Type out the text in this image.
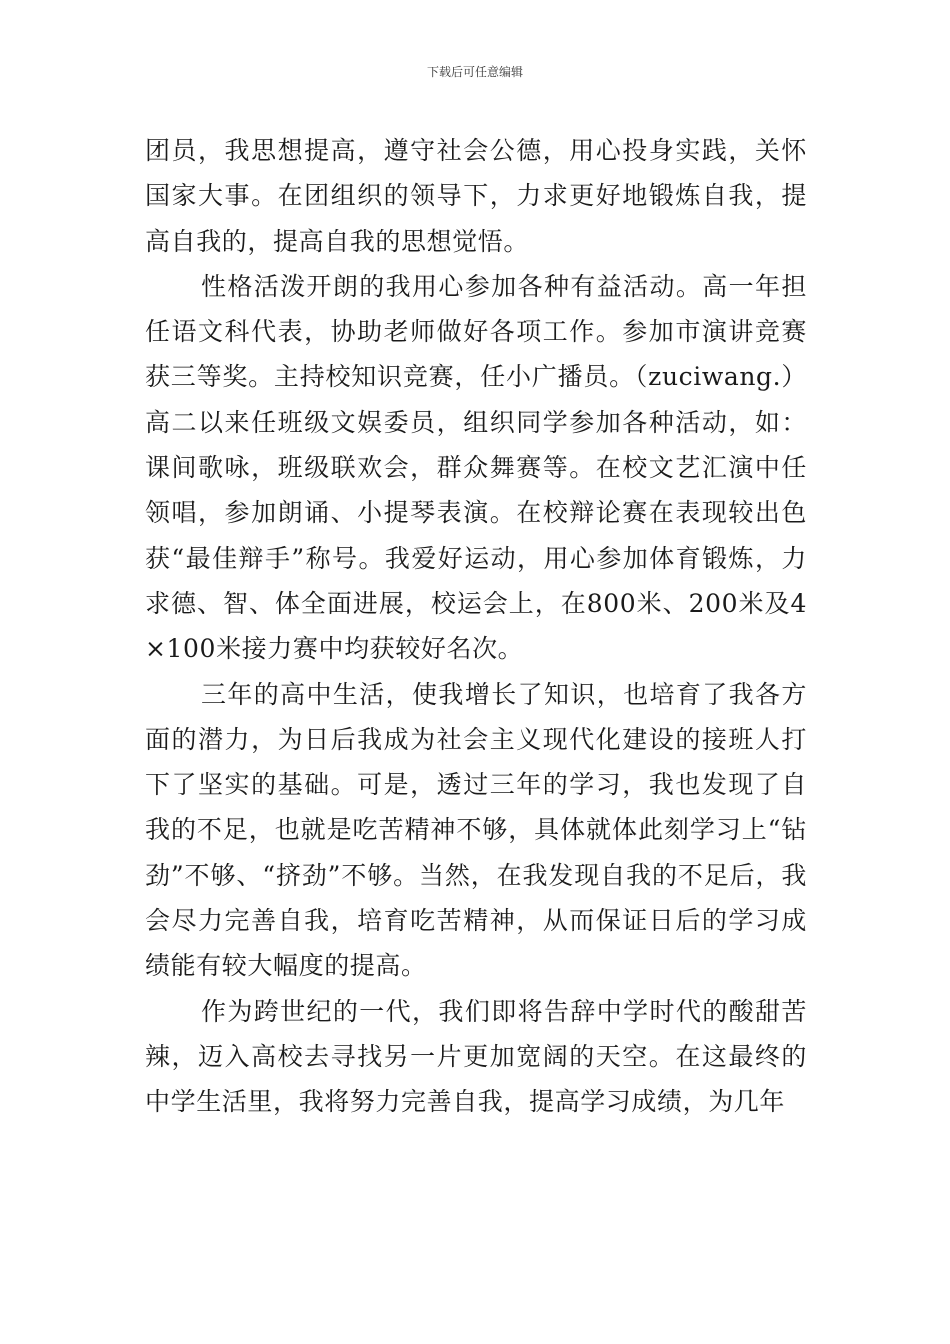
下载后可任意编辑

团员，我思想提高，遵守社会公德，用心投身实践，关怀国家大事。在团组织的领导下，力求更好地锻炼自我，提高自我的，提高自我的思想觉悟。

性格活泼开朗的我用心参加各种有益活动。高一年担任语文科代表，协助老师做好各项工作。参加市演讲竞赛获三等奖。主持校知识竞赛，任小广播员。（zuciwang.）高二以来任班级文娱委员，组织同学参加各种活动，如：课间歌咏，班级联欢会，群众舞赛等。在校文艺汇演中任领唱，参加朗诵、小提琴表演。在校辩论赛在表现较出色获“最佳辩手”称号。我爱好运动，用心参加体育锻炼，力求德、智、体全面进展，校运会上，在800米、200米及4×100米接力赛中均获较好名次。

三年的高中生活，使我增长了知识，也培育了我各方面的潜力，为日后我成为社会主义现代化建设的接班人打下了坚实的基础。可是，透过三年的学习，我也发现了自我的不足，也就是吃苦精神不够，具体就体此刻学习上“钻劲”不够、“挤劲”不够。当然，在我发现自我的不足后，我会尽力完善自我，培育吃苦精神，从而保证日后的学习成绩能有较大幅度的提高。

作为跨世纪的一代，我们即将告辞中学时代的酸甜苦辣，迈入高校去寻找另一片更加宽阔的天空。在这最终的中学生活里，我将努力完善自我，提高学习成绩，为几年
